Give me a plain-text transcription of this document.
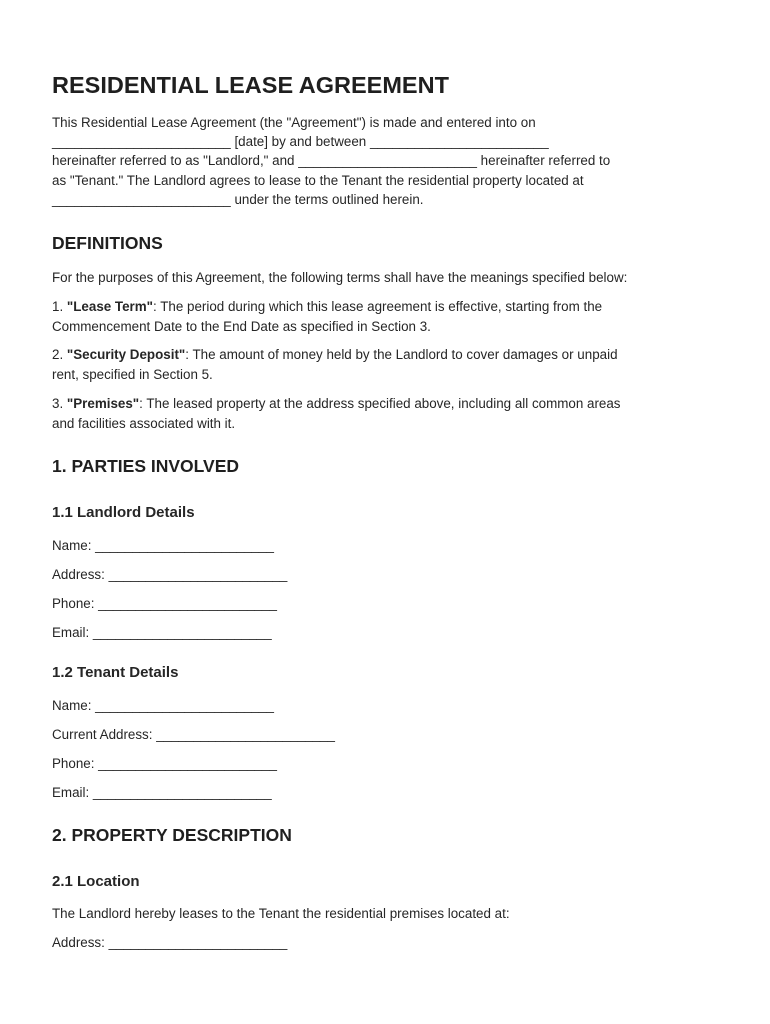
RESIDENTIAL LEASE AGREEMENT
This Residential Lease Agreement (the "Agreement") is made and entered into on
________________________ [date] by and between ________________________
hereinafter referred to as "Landlord," and ________________________ hereinafter referred to
as "Tenant." The Landlord agrees to lease to the Tenant the residential property located at
________________________ under the terms outlined herein.
DEFINITIONS
For the purposes of this Agreement, the following terms shall have the meanings specified below:
1. "Lease Term": The period during which this lease agreement is effective, starting from the
Commencement Date to the End Date as specified in Section 3.
2. "Security Deposit": The amount of money held by the Landlord to cover damages or unpaid
rent, specified in Section 5.
3. "Premises": The leased property at the address specified above, including all common areas
and facilities associated with it.
1. PARTIES INVOLVED
1.1 Landlord Details
Name: ________________________
Address: ________________________
Phone: ________________________
Email: ________________________
1.2 Tenant Details
Name: ________________________
Current Address: ________________________
Phone: ________________________
Email: ________________________
2. PROPERTY DESCRIPTION
2.1 Location
The Landlord hereby leases to the Tenant the residential premises located at:
Address: ________________________
